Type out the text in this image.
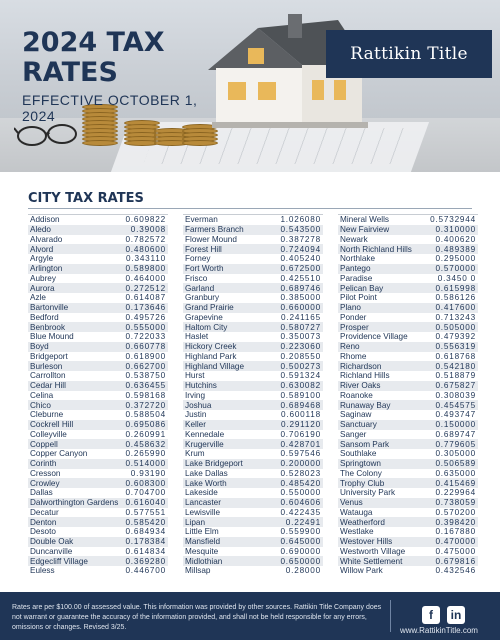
2024 TAX RATES
EFFECTIVE OCTOBER 1, 2024
Rattikin Title
CITY TAX RATES
Addison	0.609822
Aledo	0.39008
Alvarado	0.782572
Alvord	0.480600
Argyle	0.343110
Arlington	0.589800
Aubrey	0.464000
Aurora	0.272512
Azle	0.614087
Bartonville	0.173646
Bedford	0.495726
Benbrook	0.555000
Blue Mound	0.722033
Boyd	0.660778
Bridgeport	0.618900
Burleson	0.662700
Carrollton	0.538750
Cedar Hill	0.636455
Celina	0.598168
Chico	0.372720
Cleburne	0.588504
Cockrell Hill	0.695086
Colleyville	0.260991
Coppell	0.458632
Copper Canyon	0.265990
Corinth	0.514000
Cresson	0.93190
Crowley	0.608300
Dallas	0.704700
Dalworthington Gardens 0.616040
Decatur	0.577551
Denton	0.585420
Desoto	0.684934
Double Oak	0.178384
Duncanville	0.614834
Edgecliff Village	0.369280
Euless	0.446700
Everman	1.026080
Farmers Branch	0.543500
Flower Mound	0.387278
Forest Hill	0.724094
Forney	0.405240
Fort Worth	0.672500
Frisco	0.425510
Garland	0.689746
Granbury	0.385000
Grand Prairie	0.660000
Grapevine	0.241165
Haltom City	0.580727
Haslet	0.350073
Hickory Creek	0.223060
Highland Park	0.208550
Highland Village	0.500273
Hurst	0.591324
Hutchins	0.630082
Irving	0.589100
Joshua	0.689468
Justin	0.600118
Keller	0.291120
Kennedale	0.706190
Krugerville	0.428701
Krum	0.597546
Lake Bridgeport	0.200000
Lake Dallas	0.528023
Lake Worth	0.485420
Lakeside	0.550000
Lancaster	0.604606
Lewisville	0.422435
Lipan	0.22491
Little Elm	0.559900
Mansfield	0.645000
Mesquite	0.690000
Midlothian	0.650000
Millsap	0.28000
Mineral Wells	0.5732944
New Fairview	0.310000
Newark	0.400620
North Richland Hills	0.489389
Northlake	0.295000
Pantego	0.570000
Paradise	0.3450 0
Pelican Bay	0.615998
Pilot Point	0.586126
Plano	0.417600
Ponder	0.713243
Prosper	0.505000
Providence Village	0.479392
Reno	0.556319
Rhome	0.618768
Richardson	0.542180
Richland Hills	0.518879
River Oaks	0.675827
Roanoke	0.308039
Runaway Bay	0.454575
Saginaw	0.493747
Sanctuary	0.150000
Sanger	0.689747
Sansom Park	0.779605
Southlake	0.305000
Springtown	0.506589
The Colony	0.635000
Trophy Club	0.415469
University Park	0.229964
Venus	0.738059
Watauga	0.570200
Weatherford	0.398420
Westlake	0.167880
Westover Hills	0.470000
Westworth Village	0.475000
White Settlement	0.679816
Willow Park	0.432546
Rates are per $100.00 of assessed value. This information was provided by other sources. Rattikin Title Company does not warrant or guarantee the accuracy of the information provided, and shall not be held responsible for any errors, omissions or changes. Revised 3/25.
f	in
www.RattikinTitle.com
